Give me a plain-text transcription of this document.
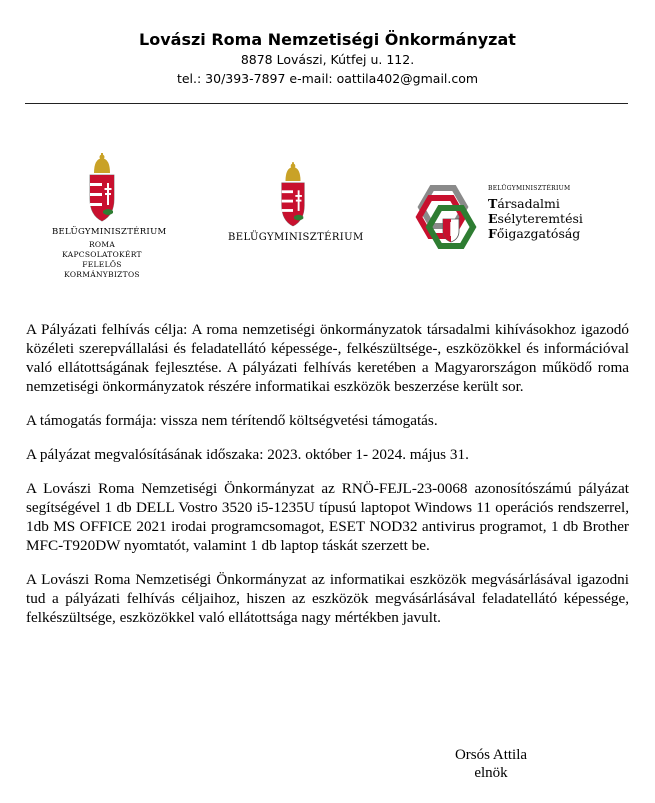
Lovászi Roma Nemzetiségi Önkormányzat
8878 Lovászi, Kútfej u. 112.
tel.: 30/393-7897 e-mail: oattila402@gmail.com
BELÜGYMINISZTÉRIUM
ROMA KAPCSOLATOKÉRT
FELELŐS KORMÁNYBIZTOS
BELÜGYMINISZTÉRIUM
BELÜGYMINISZTÉRIUM
Társadalmi
Esélyteremtési
Főigazgatóság

A Pályázati felhívás célja: A roma nemzetiségi önkormányzatok társadalmi kihívásokhoz igazodó közéleti szerepvállalási és feladatellátó képessége-, felkészültsége-, eszközökkel és információval való ellátottságának fejlesztése. A pályázati felhívás keretében a Magyarországon működő roma nemzetiségi önkormányzatok részére informatikai eszközök beszerzése került sor.

A támogatás formája: vissza nem térítendő költségvetési támogatás.

A pályázat megvalósításának időszaka: 2023. október 1- 2024. május 31.

A Lovászi Roma Nemzetiségi Önkormányzat az RNÖ-FEJL-23-0068 azonosítószámú pályázat segítségével 1 db DELL Vostro 3520 i5-1235U típusú laptopot Windows 11 operációs rendszerrel, 1db MS OFFICE 2021 irodai programcsomagot, ESET NOD32 antivirus programot, 1 db Brother MFC-T920DW nyomtatót, valamint 1 db laptop táskát szerzett be.

A Lovászi Roma Nemzetiségi Önkormányzat az informatikai eszközök megvásárlásával igazodni tud a pályázati felhívás céljaihoz, hiszen az eszközök megvásárlásával feladatellátó képessége, felkészültsége, eszközökkel való ellátottsága nagy mértékben javult.

Orsós Attila
elnök
